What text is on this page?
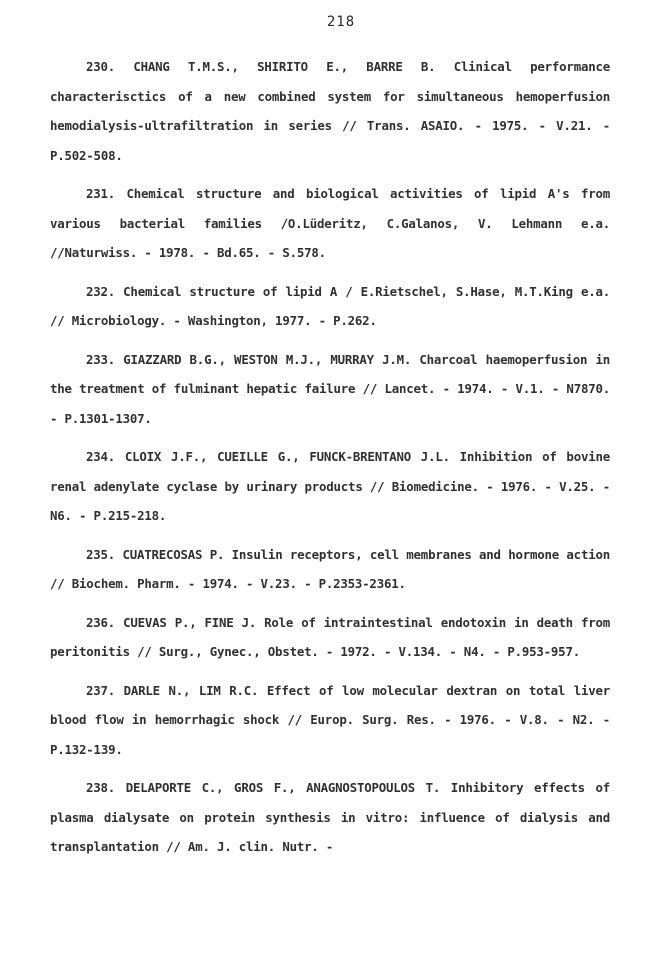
218
230. CHANG T.M.S., SHIRITO E., BARRE B. Clinical performance characterisctics of a new combined system for simultaneous hemoperfusion hemodialysis-ultrafiltration in series // Trans. ASAIO. - 1975. - V.21. - P.502-508.
231. Chemical structure and biological activities of lipid A's from various bacterial families /O.Lüderitz, C.Galanos, V. Lehmann e.a. //Naturwiss. - 1978. - Bd.65. - S.578.
232. Chemical structure of lipid A / E.Rietschel, S.Hase, M.T.King e.a. // Microbiology. - Washington, 1977. - P.262.
233. GIAZZARD B.G., WESTON M.J., MURRAY J.M. Charcoal haemoperfusion in the treatment of fulminant hepatic failure // Lancet. - 1974. - V.1. - N7870. - P.1301-1307.
234. CLOIX J.F., CUEILLE G., FUNCK-BRENTANO J.L. Inhibition of bovine renal adenylate cyclase by urinary products // Biomedicine. - 1976. - V.25. - N6. - P.215-218.
235. CUATRECOSAS P. Insulin receptors, cell membranes and hormone action // Biochem. Pharm. - 1974. - V.23. - P.2353-2361.
236. CUEVAS P., FINE J. Role of intraintestinal endotoxin in death from peritonitis // Surg., Gynec., Obstet. - 1972. - V.134. - N4. - P.953-957.
237. DARLE N., LIM R.C. Effect of low molecular dextran on total liver blood flow in hemorrhagic shock // Europ. Surg. Res. - 1976. - V.8. - N2. - P.132-139.
238. DELAPORTE C., GROS F., ANAGNOSTOPOULOS T. Inhibitory effects of plasma dialysate on protein synthesis in vitro: influence of dialysis and transplantation // Am. J. clin. Nutr. -
